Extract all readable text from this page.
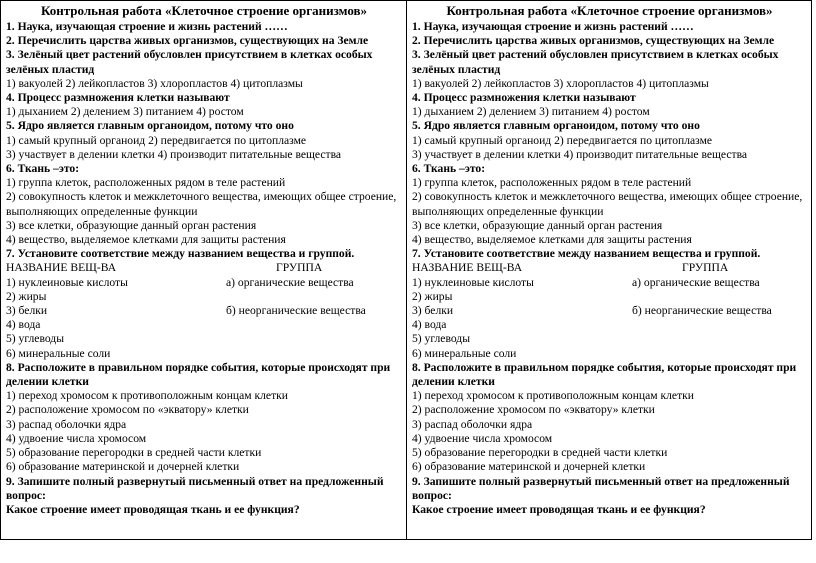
Контрольная работа «Клеточное строение организмов»
1. Наука, изучающая строение и жизнь растений ……
2. Перечислить царства живых организмов, существующих на Земле
3. Зелёный цвет растений обусловлен присутствием в клетках особых зелёных пластид
1) вакуолей 2) лейкопластов 3) хлоропластов 4) цитоплазмы
4. Процесс размножения клетки называют
1) дыханием 2) делением 3) питанием 4) ростом
5. Ядро является главным органоидом, потому что оно
1) самый крупный органоид 2) передвигается по цитоплазме
3) участвует в делении клетки 4) производит питательные вещества
6. Ткань –это:
1) группа клеток, расположенных рядом в теле растений
2) совокупность клеток и межклеточного вещества, имеющих общее строение, выполняющих определенные функции
3) все клетки, образующие данный орган растения
4) вещество, выделяемое клетками для защиты растения
7. Установите соответствие между названием вещества и группой.
НАЗВАНИЕ ВЕЩ-ВА	ГРУППА
1) нуклеиновые кислоты	а) органические вещества
2) жиры
3) белки	б) неорганические вещества
4) вода
5) углеводы
6) минеральные соли
8. Расположите в правильном порядке события, которые происходят при делении клетки
1) переход хромосом к противоположным концам клетки
2) расположение хромосом по «экватору» клетки
3) распад оболочки ядра
4) удвоение числа хромосом
5) образование перегородки в средней части клетки
6) образование материнской и дочерней клетки
9. Запишите полный развернутый письменный ответ на предложенный вопрос:
Какое строение имеет проводящая ткань и ее функция?
Контрольная работа «Клеточное строение организмов»
1. Наука, изучающая строение и жизнь растений ……
2. Перечислить царства живых организмов, существующих на Земле
3. Зелёный цвет растений обусловлен присутствием в клетках особых зелёных пластид
1) вакуолей 2) лейкопластов 3) хлоропластов 4) цитоплазмы
4. Процесс размножения клетки называют
1) дыханием 2) делением 3) питанием 4) ростом
5. Ядро является главным органоидом, потому что оно
1) самый крупный органоид 2) передвигается по цитоплазме
3) участвует в делении клетки 4) производит питательные вещества
6. Ткань –это:
1) группа клеток, расположенных рядом в теле растений
2) совокупность клеток и межклеточного вещества, имеющих общее строение, выполняющих определенные функции
3) все клетки, образующие данный орган растения
4) вещество, выделяемое клетками для защиты растения
7. Установите соответствие между названием вещества и группой.
НАЗВАНИЕ ВЕЩ-ВА	ГРУППА
1) нуклеиновые кислоты	а) органические вещества
2) жиры
3) белки	б) неорганические вещества
4) вода
5) углеводы
6) минеральные соли
8. Расположите в правильном порядке события, которые происходят при делении клетки
1) переход хромосом к противоположным концам клетки
2) расположение хромосом по «экватору» клетки
3) распад оболочки ядра
4) удвоение числа хромосом
5) образование перегородки в средней части клетки
6) образование материнской и дочерней клетки
9. Запишите полный развернутый письменный ответ на предложенный вопрос:
Какое строение имеет проводящая ткань и ее функция?
